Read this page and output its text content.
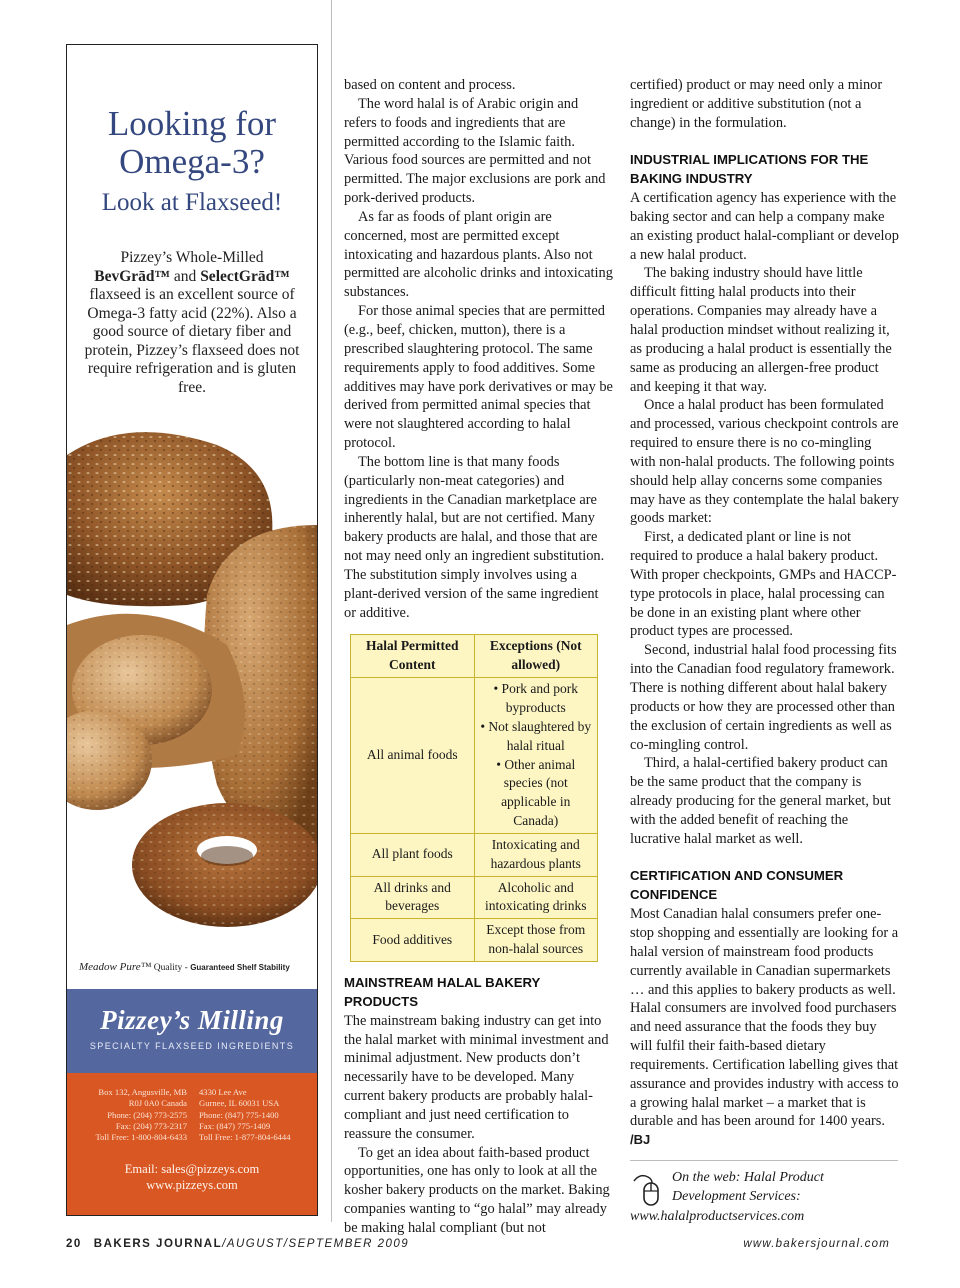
Looking for Omega-3?
Look at Flaxseed!
Pizzey’s Whole-Milled
BevGrād™ and SelectGrād™ flaxseed is an excellent source of Omega-3 fatty acid (22%). Also a good source of dietary fiber and protein, Pizzey’s flaxseed does not require refrigeration and is gluten free.
Meadow Pure™ Quality - Guaranteed Shelf Stability
Pizzey’s Milling
SPECIALTY FLAXSEED INGREDIENTS
Box 132, Angusville, MB
R0J 0A0 Canada
Phone: (204) 773-2575
Fax: (204) 773-2317
Toll Free: 1-800-804-6433
4330 Lee Ave
Gurnee, IL 60031 USA
Phone: (847) 775-1400
Fax: (847) 775-1409
Toll Free: 1-877-804-6444
Email: sales@pizzeys.com
www.pizzeys.com

based on content and process.

The word halal is of Arabic origin and refers to foods and ingredients that are permitted according to the Islamic faith. Various food sources are permitted and not permitted. The major exclusions are pork and pork-derived products.

As far as foods of plant origin are concerned, most are permitted except intoxicating and hazardous plants. Also not permitted are alcoholic drinks and intoxicating substances.

For those animal species that are permitted (e.g., beef, chicken, mutton), there is a prescribed slaughtering protocol. The same requirements apply to food additives. Some additives may have pork derivatives or may be derived from permitted animal species that were not slaughtered according to halal protocol.

The bottom line is that many foods (particularly non-meat categories) and ingredients in the Canadian marketplace are inherently halal, but are not certified. Many bakery products are halal, and those that are not may need only an ingredient substitution. The substitution simply involves using a plant-derived version of the same ingredient or additive.

Halal Permitted Content	Exceptions (Not allowed)
All animal foods	• Pork and pork byproducts
• Not slaughtered by halal ritual
• Other animal species (not applicable in Canada)

All plant foods	Intoxicating and hazardous plants
All drinks and beverages	Alcoholic and intoxicating drinks
Food additives	Except those from non-halal sources
MAINSTREAM HALAL BAKERY PRODUCTS

The mainstream baking industry can get into the halal market with minimal investment and minimal adjustment. New products don’t necessarily have to be developed. Many current bakery products are probably halal-compliant and just need certification to reassure the consumer.

To get an idea about faith-based product opportunities, one has only to look at all the kosher bakery products on the market. Baking companies wanting to “go halal” may already be making halal compliant (but not

certified) product or may need only a minor ingredient or additive substitution (not a change) in the formulation.

INDUSTRIAL IMPLICATIONS FOR THE BAKING INDUSTRY

A certification agency has experience with the baking sector and can help a company make an existing product halal-compliant or develop a new halal product.

The baking industry should have little difficult fitting halal products into their operations. Companies may already have a halal production mindset without realizing it, as producing a halal product is essentially the same as producing an allergen-free product and keeping it that way.

Once a halal product has been formulated and processed, various checkpoint controls are required to ensure there is no co-mingling with non-halal products. The following points should help allay concerns some companies may have as they contemplate the halal bakery goods market:

First, a dedicated plant or line is not required to produce a halal bakery product. With proper checkpoints, GMPs and HACCP-type protocols in place, halal processing can be done in an existing plant where other product types are processed.

Second, industrial halal food processing fits into the Canadian food regulatory framework. There is nothing different about halal bakery products or how they are processed other than the exclusion of certain ingredients as well as co-mingling control.

Third, a halal-certified bakery product can be the same product that the company is already producing for the general market, but with the added benefit of reaching the lucrative halal market as well.

CERTIFICATION AND CONSUMER CONFIDENCE

Most Canadian halal consumers prefer one-stop shopping and essentially are looking for a halal version of mainstream food products currently available in Canadian supermarkets … and this applies to bakery products as well. Halal consumers are involved food purchasers and need assurance that the foods they buy will fulfil their faith-based dietary requirements. Certification labelling gives that assurance and provides industry with access to a growing halal market – a market that is durable and has been around for 1400 years. /BJ

On the web: Halal Product Development Services:
www.halalproductservices.com
20 BAKERS JOURNAL/AUGUST/SEPTEMBER 2009	www.bakersjournal.com
